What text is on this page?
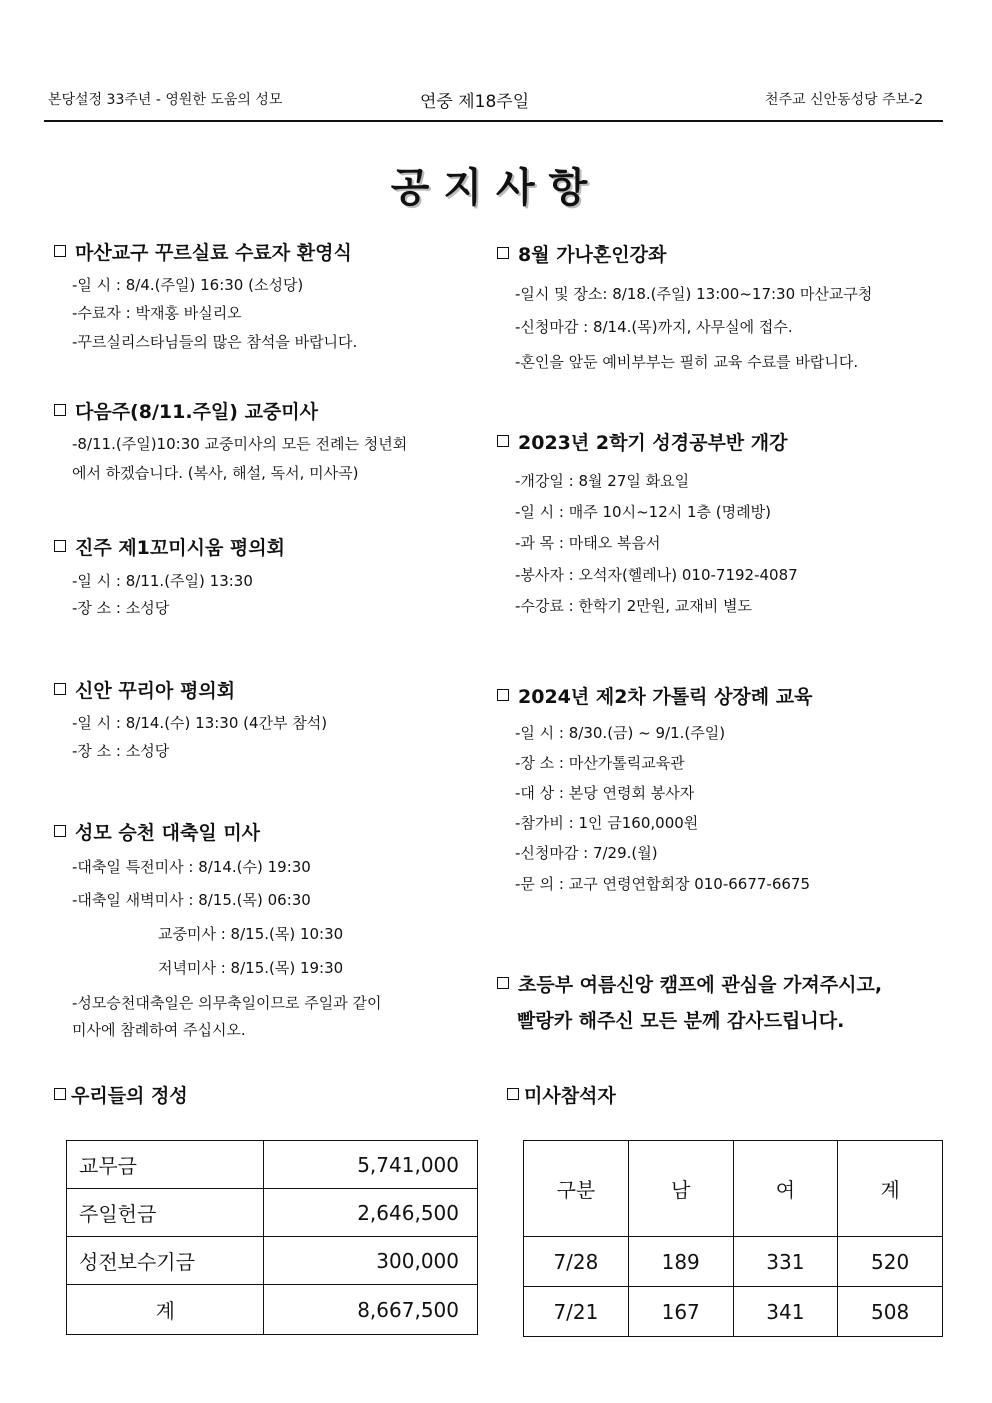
본당설정 33주년 - 영원한 도움의 성모	연중 제18주일	천주교 신안동성당 주보-2
공지사항
마산교구 꾸르실료 수료자 환영식
-일 시 : 8/4.(주일) 16:30 (소성당)
-수료자 : 박재홍 바실리오
-꾸르실리스타님들의 많은 참석을 바랍니다.
다음주(8/11.주일) 교중미사
-8/11.(주일)10:30 교중미사의 모든 전례는 청년회
에서 하겠습니다. (복사, 해설, 독서, 미사곡)
진주 제1꼬미시움 평의회
-일 시 : 8/11.(주일) 13:30
-장 소 : 소성당
신안 꾸리아 평의회
-일 시 : 8/14.(수) 13:30 (4간부 참석)
-장 소 : 소성당
성모 승천 대축일 미사
-대축일 특전미사 : 8/14.(수) 19:30
-대축일 새벽미사 : 8/15.(목) 06:30
교중미사 : 8/15.(목) 10:30
저녁미사 : 8/15.(목) 19:30
-성모승천대축일은 의무축일이므로 주일과 같이
미사에 참례하여 주십시오.
8월 가나혼인강좌
-일시 및 장소: 8/18.(주일) 13:00~17:30 마산교구청
-신청마감 : 8/14.(목)까지, 사무실에 접수.
-혼인을 앞둔 예비부부는 필히 교육 수료를 바랍니다.
2023년 2학기 성경공부반 개강
-개강일 : 8월 27일 화요일
-일 시 : 매주 10시~12시 1층 (명례방)
-과 목 : 마태오 복음서
-봉사자 : 오석자(헬레나) 010-7192-4087
-수강료 : 한학기 2만원, 교재비 별도
2024년 제2차 가톨릭 상장례 교육
-일 시 : 8/30.(금) ~ 9/1.(주일)
-장 소 : 마산가톨릭교육관
-대 상 : 본당 연령회 봉사자
-참가비 : 1인 금160,000원
-신청마감 : 7/29.(월)
-문 의 : 교구 연령연합회장 010-6677-6675
초등부 여름신앙 캠프에 관심을 가져주시고,
빨랑카 해주신 모든 분께 감사드립니다.
우리들의 정성
교무금	5,741,000
주일헌금	2,646,500
성전보수기금	300,000
계	8,667,500
미사참석자
구분	남	여	계
7/28	189	331	520
7/21	167	341	508
